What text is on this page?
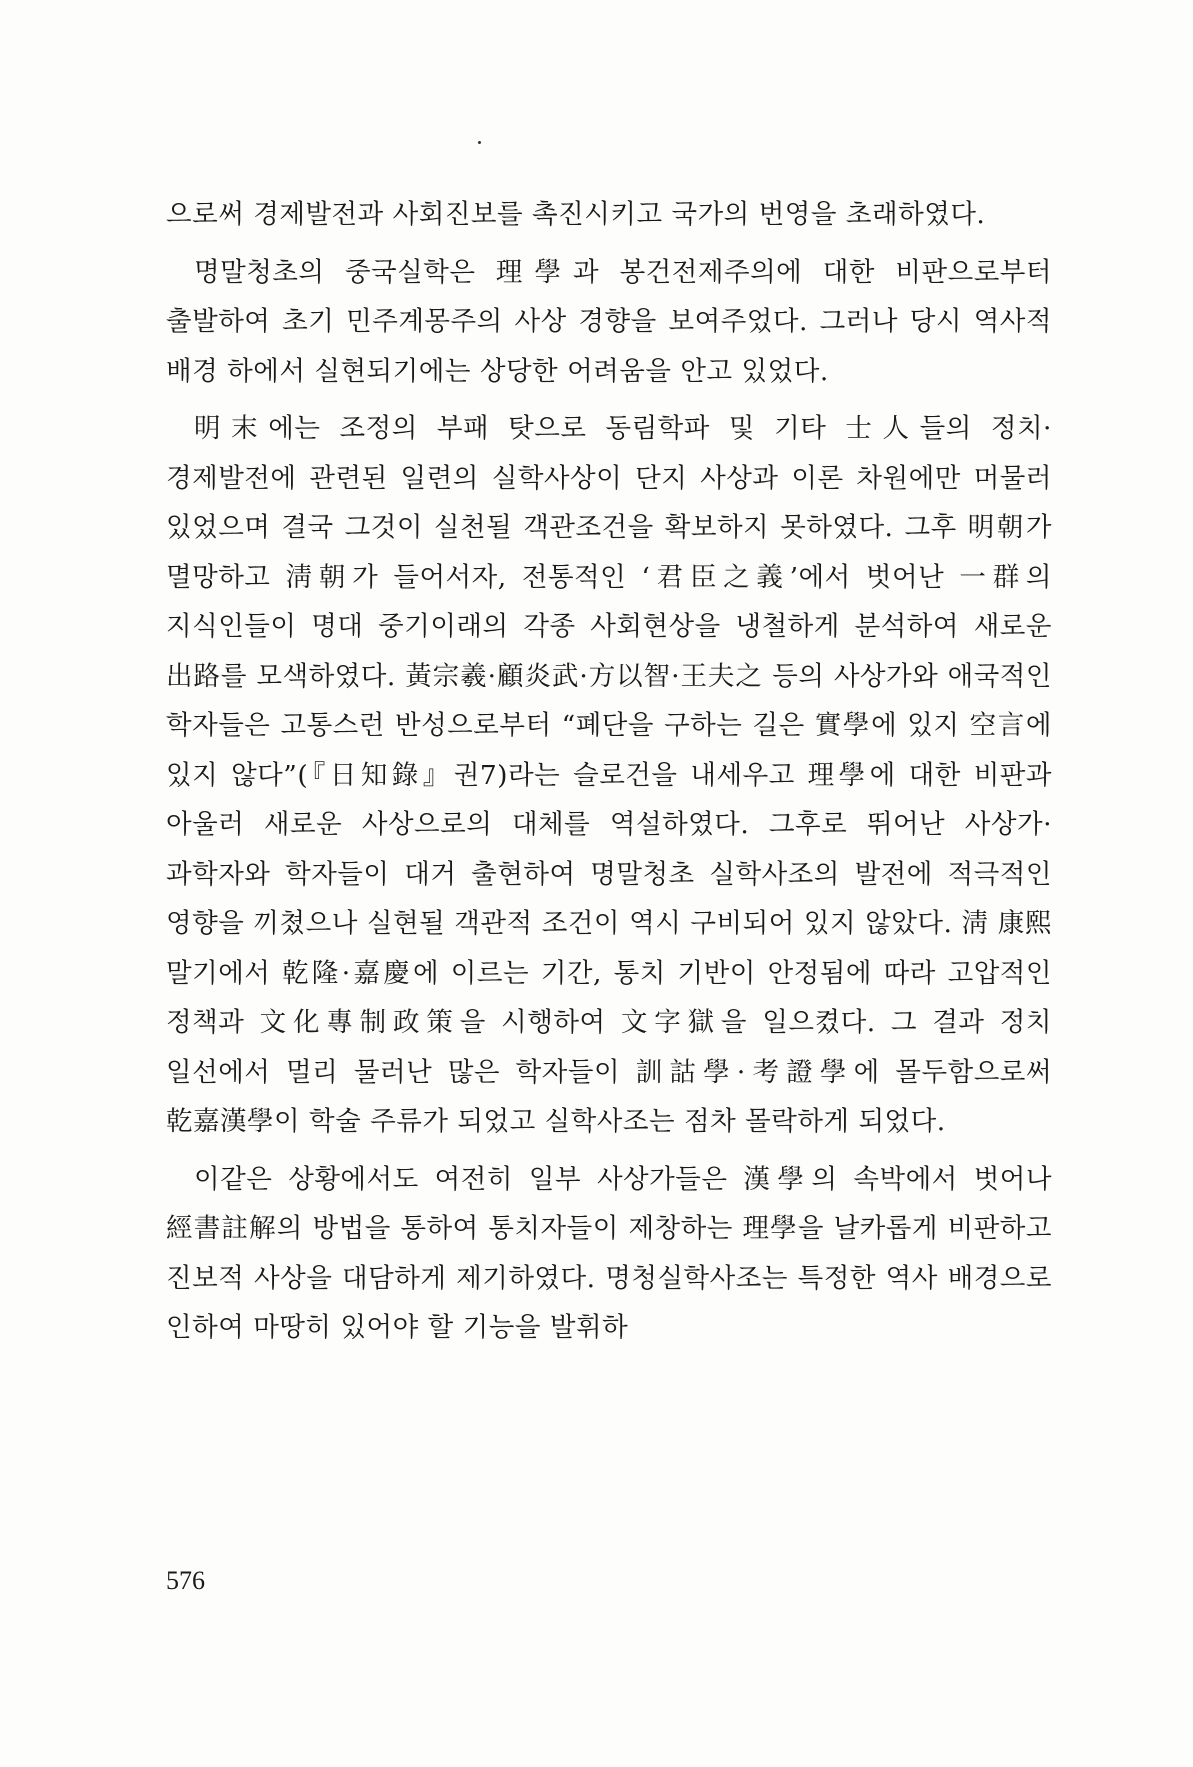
으로써 경제발전과 사회진보를 촉진시키고 국가의 번영을 초래하였다.

명말청초의 중국실학은 理學과 봉건전제주의에 대한 비판으로부터 출발하여 초기 민주계몽주의 사상 경향을 보여주었다. 그러나 당시 역사적 배경 하에서 실현되기에는 상당한 어려움을 안고 있었다.

明末에는 조정의 부패 탓으로 동림학파 및 기타 士人들의 정치·경제발전에 관련된 일련의 실학사상이 단지 사상과 이론 차원에만 머물러 있었으며 결국 그것이 실천될 객관조건을 확보하지 못하였다. 그후 明朝가 멸망하고 淸朝가 들어서자, 전통적인 ‘君臣之義’에서 벗어난 一群의 지식인들이 명대 중기이래의 각종 사회현상을 냉철하게 분석하여 새로운 出路를 모색하였다. 黃宗羲·顧炎武·方以智·王夫之 등의 사상가와 애국적인 학자들은 고통스런 반성으로부터 “폐단을 구하는 길은 實學에 있지 空言에 있지 않다”(『日知錄』권7)라는 슬로건을 내세우고 理學에 대한 비판과 아울러 새로운 사상으로의 대체를 역설하였다. 그후로 뛰어난 사상가·과학자와 학자들이 대거 출현하여 명말청초 실학사조의 발전에 적극적인 영향을 끼쳤으나 실현될 객관적 조건이 역시 구비되어 있지 않았다. 淸 康熙 말기에서 乾隆·嘉慶에 이르는 기간, 통치 기반이 안정됨에 따라 고압적인 정책과 文化專制政策을 시행하여 文字獄을 일으켰다. 그 결과 정치 일선에서 멀리 물러난 많은 학자들이 訓詁學·考證學에 몰두함으로써 乾嘉漢學이 학술 주류가 되었고 실학사조는 점차 몰락하게 되었다.

이같은 상황에서도 여전히 일부 사상가들은 漢學의 속박에서 벗어나 經書註解의 방법을 통하여 통치자들이 제창하는 理學을 날카롭게 비판하고 진보적 사상을 대담하게 제기하였다. 명청실학사조는 특정한 역사 배경으로 인하여 마땅히 있어야 할 기능을 발휘하

576
